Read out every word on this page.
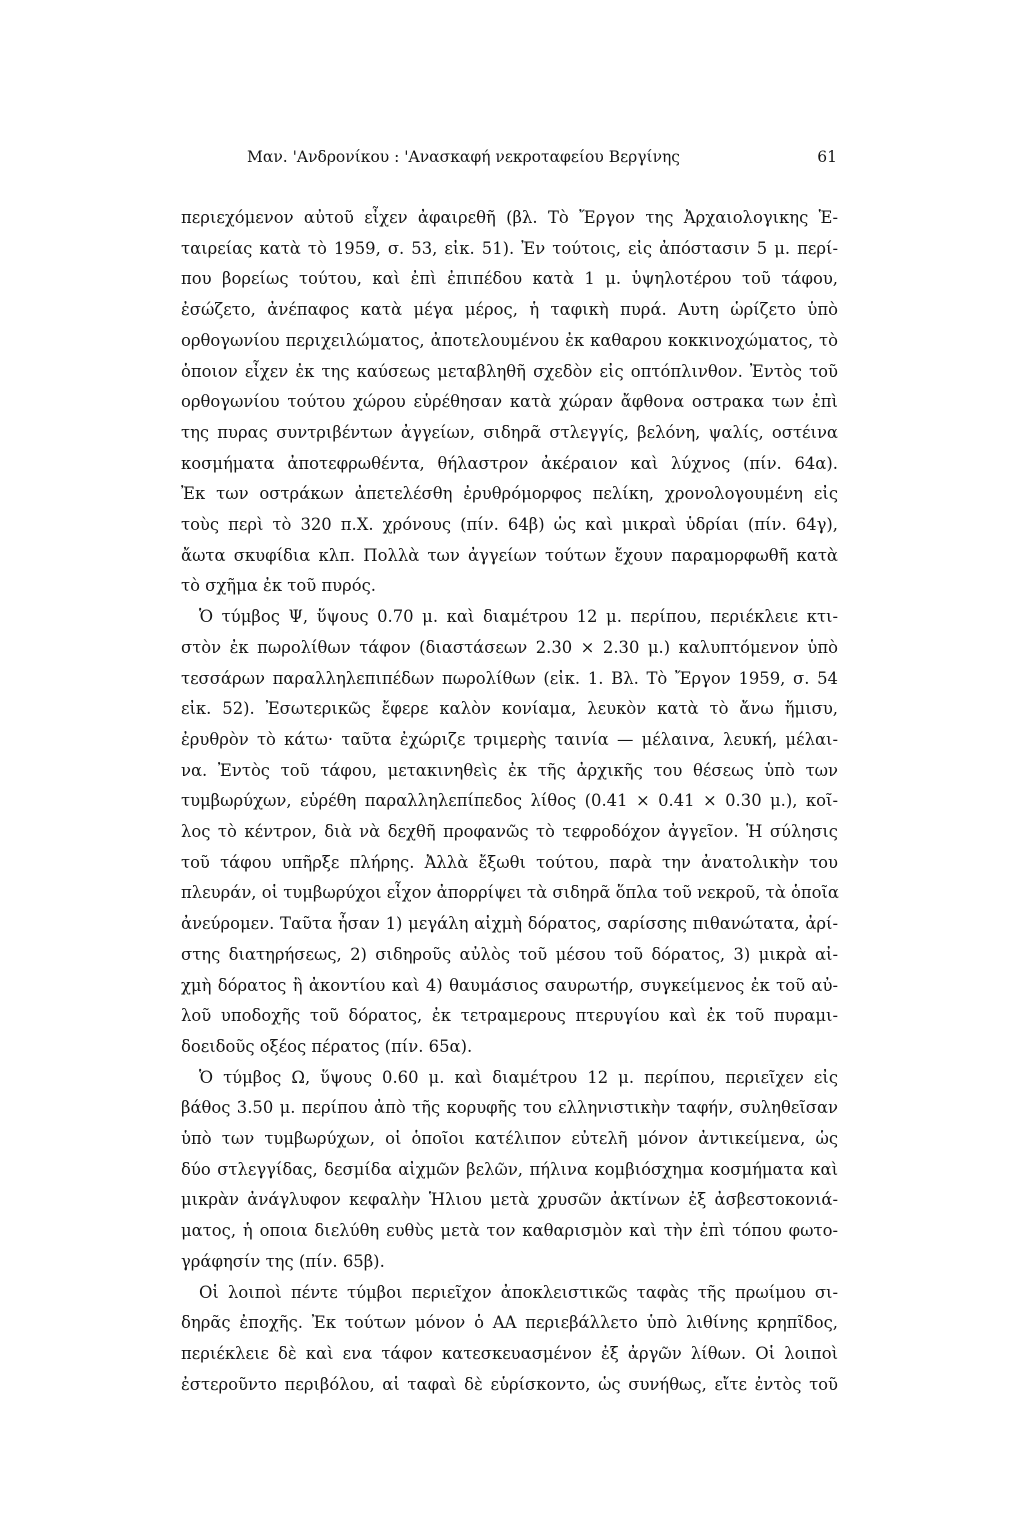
Μαν. 'Ανδρονίκου : 'Ανασκαφή νεκροταφείου Βεργίνης	61
περιεχόμενον αὐτοῦ εἶχεν ἀφαιρεθῆ (βλ. Τὸ Ἔργον της Ἀρχαιολογικης Ἑ-
ταιρείας κατὰ τὸ 1959, σ. 53, εἰκ. 51). Ἐν τούτοις, εἰς ἀπόστασιν 5 μ. περί-
που βορείως τούτου, καὶ ἐπὶ ἐπιπέδου κατὰ 1 μ. ὑψηλοτέρου τοῦ τάφου,
ἐσώζετο, ἀνέπαφος κατὰ μέγα μέρος, ἡ ταφικὴ πυρά. Αυτη ὡρίζετο ὑπὸ
ορθογωνίου περιχειλώματος, ἀποτελουμένου ἐκ καθαρου κοκκινοχώματος, τὸ
ὁποιον εἶχεν ἐκ της καύσεως μεταβληθῆ σχεδὸν εἰς οπτόπλινθον. Ἐντὸς τοῦ
ορθογωνίου τούτου χώρου εὑρέθησαν κατὰ χώραν ἄφθονα οστρακα των ἐπὶ
της πυρας συντριβέντων ἀγγείων, σιδηρᾶ στλεγγίς, βελόνη, ψαλίς, οστέινα
κοσμήματα ἀποτεφρωθέντα, θήλαστρον ἀκέραιον καὶ λύχνος (πίν. 64α).
Ἐκ των οστράκων ἀπετελέσθη ἐρυθρόμορφος πελίκη, χρονολογουμένη εἰς
τοὺς περὶ τὸ 320 π.Χ. χρόνους (πίν. 64β) ὡς καὶ μικραὶ ὑδρίαι (πίν. 64γ),
ἄωτα σκυφίδια κλπ. Πολλὰ των ἀγγείων τούτων ἔχουν παραμορφωθῆ κατὰ
τὸ σχῆμα ἐκ τοῦ πυρός.
Ὁ τύμβος Ψ, ὕψους 0.70 μ. καὶ διαμέτρου 12 μ. περίπου, περιέκλειε κτι-
στὸν ἐκ πωρολίθων τάφον (διαστάσεων 2.30 × 2.30 μ.) καλυπτόμενον ὑπὸ
τεσσάρων παραλληλεπιπέδων πωρολίθων (εἰκ. 1. Βλ. Τὸ Ἔργον 1959, σ. 54
εἰκ. 52). Ἐσωτερικῶς ἔφερε καλὸν κονίαμα, λευκὸν κατὰ τὸ ἄνω ἥμισυ,
ἐρυθρὸν τὸ κάτω· ταῦτα ἐχώριζε τριμερὴς ταινία — μέλαινα, λευκή, μέλαι-
να. Ἐντὸς τοῦ τάφου, μετακινηθεὶς ἐκ τῆς ἀρχικῆς του θέσεως ὑπὸ των
τυμβωρύχων, εὑρέθη παραλληλεπίπεδος λίθος (0.41 × 0.41 × 0.30 μ.), κοῖ-
λος τὸ κέντρον, διὰ νὰ δεχθῆ προφανῶς τὸ τεφροδόχον ἀγγεῖον. Ἡ σύλησις
τοῦ τάφου υπῆρξε πλήρης. Ἀλλὰ ἔξωθι τούτου, παρὰ την ἀνατολικὴν του
πλευράν, οἱ τυμβωρύχοι εἶχον ἀπορρίψει τὰ σιδηρᾶ ὅπλα τοῦ νεκροῦ, τὰ ὁποῖα
ἀνεύρομεν. Ταῦτα ἦσαν 1) μεγάλη αἰχμὴ δόρατος, σαρίσσης πιθανώτατα, ἀρί-
στης διατηρήσεως, 2) σιδηροῦς αὐλὸς τοῦ μέσου τοῦ δόρατος, 3) μικρὰ αἰ-
χμὴ δόρατος ἢ ἀκοντίου καὶ 4) θαυμάσιος σαυρωτήρ, συγκείμενος ἐκ τοῦ αὐ-
λοῦ υποδοχῆς τοῦ δόρατος, ἐκ τετραμερους πτερυγίου καὶ ἐκ τοῦ πυραμι-
δοειδοῦς οξέος πέρατος (πίν. 65α).
Ὁ τύμβος Ω, ὕψους 0.60 μ. καὶ διαμέτρου 12 μ. περίπου, περιεῖχεν εἰς
βάθος 3.50 μ. περίπου ἀπὸ τῆς κορυφῆς του ελληνιστικὴν ταφήν, συληθεῖσαν
ὑπὸ των τυμβωρύχων, οἱ ὁποῖοι κατέλιπον εὐτελῆ μόνον ἀντικείμενα, ὡς
δύο στλεγγίδας, δεσμίδα αἰχμῶν βελῶν, πήλινα κομβιόσχημα κοσμήματα καὶ
μικρὰν ἀνάγλυφον κεφαλὴν Ἡλιου μετὰ χρυσῶν ἀκτίνων ἐξ ἀσβεστοκονιά-
ματος, ἡ οποια διελύθη ευθὺς μετὰ τον καθαρισμὸν καὶ τὴν ἐπὶ τόπου φωτο-
γράφησίν της (πίν. 65β).
Οἱ λοιποὶ πέντε τύμβοι περιεῖχον ἀποκλειστικῶς ταφὰς τῆς πρωίμου σι-
δηρᾶς ἐποχῆς. Ἐκ τούτων μόνον ὁ ΑΑ περιεβάλλετο ὑπὸ λιθίνης κρηπῖδος,
περιέκλειε δὲ καὶ ενα τάφον κατεσκευασμένον ἐξ ἀργῶν λίθων. Οἱ λοιποὶ
ἐστεροῦντο περιβόλου, αἱ ταφαὶ δὲ εὑρίσκοντο, ὡς συνήθως, εἴτε ἐντὸς τοῦ
